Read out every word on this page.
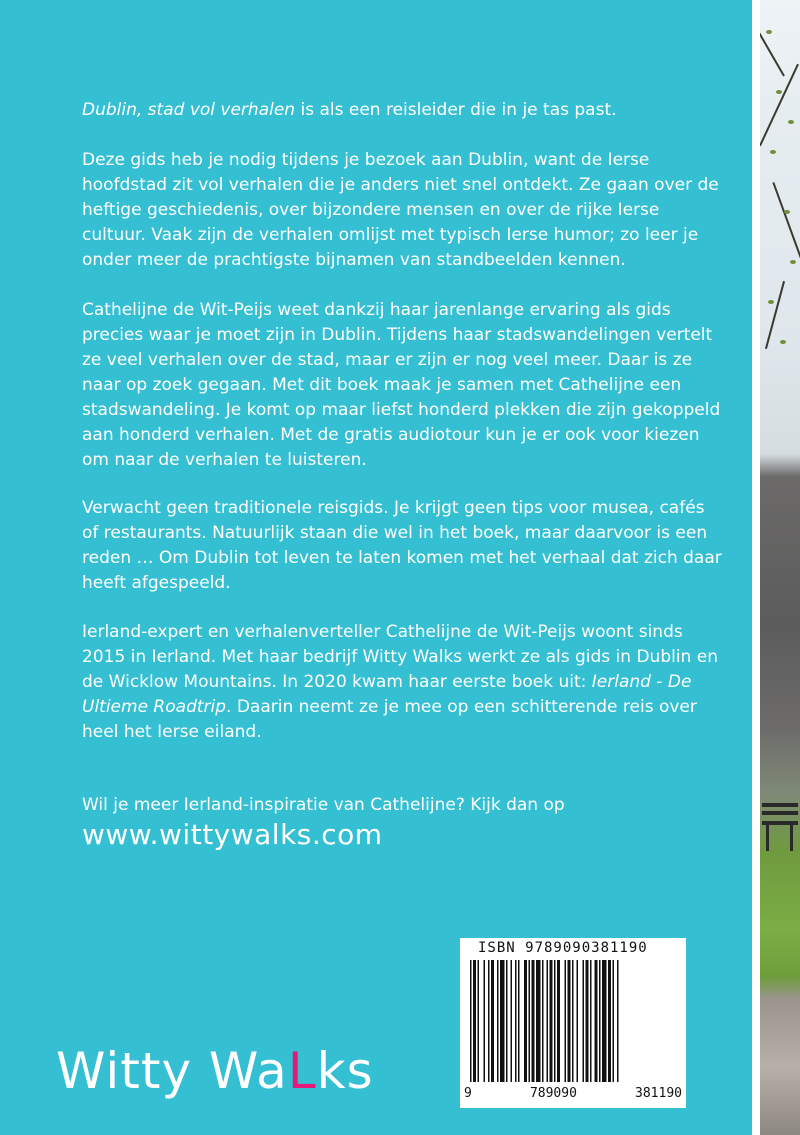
Dublin, stad vol verhalen is als een reisleider die in je tas past.

Deze gids heb je nodig tijdens je bezoek aan Dublin, want de Ierse hoofdstad zit vol verhalen die je anders niet snel ontdekt. Ze gaan over de heftige geschiedenis, over bijzondere mensen en over de rijke Ierse cultuur. Vaak zijn de verhalen omlijst met typisch Ierse humor; zo leer je onder meer de prachtigste bijnamen van standbeelden kennen.

Cathelijne de Wit-Peijs weet dankzij haar jarenlange ervaring als gids precies waar je moet zijn in Dublin. Tijdens haar stadswandelingen vertelt ze veel verhalen over de stad, maar er zijn er nog veel meer. Daar is ze naar op zoek gegaan. Met dit boek maak je samen met Cathelijne een stadswandeling. Je komt op maar liefst honderd plekken die zijn gekoppeld aan honderd verhalen. Met de gratis audiotour kun je er ook voor kiezen om naar de verhalen te luisteren.

Verwacht geen traditionele reisgids. Je krijgt geen tips voor musea, cafés of restaurants. Natuurlijk staan die wel in het boek, maar daarvoor is een reden … Om Dublin tot leven te laten komen met het verhaal dat zich daar heeft afgespeeld.

Ierland-expert en verhalenverteller Cathelijne de Wit-Peijs woont sinds 2015 in Ierland. Met haar bedrijf Witty Walks werkt ze als gids in Dublin en de Wicklow Mountains. In 2020 kwam haar eerste boek uit: Ierland - De Ultieme Roadtrip. Daarin neemt ze je mee op een schitterende reis over heel het Ierse eiland.

Wil je meer Ierland-inspiratie van Cathelijne? Kijk dan op

www.wittywalks.com
ISBN 9789090381190
9	789090	381190
Witty WaLks
